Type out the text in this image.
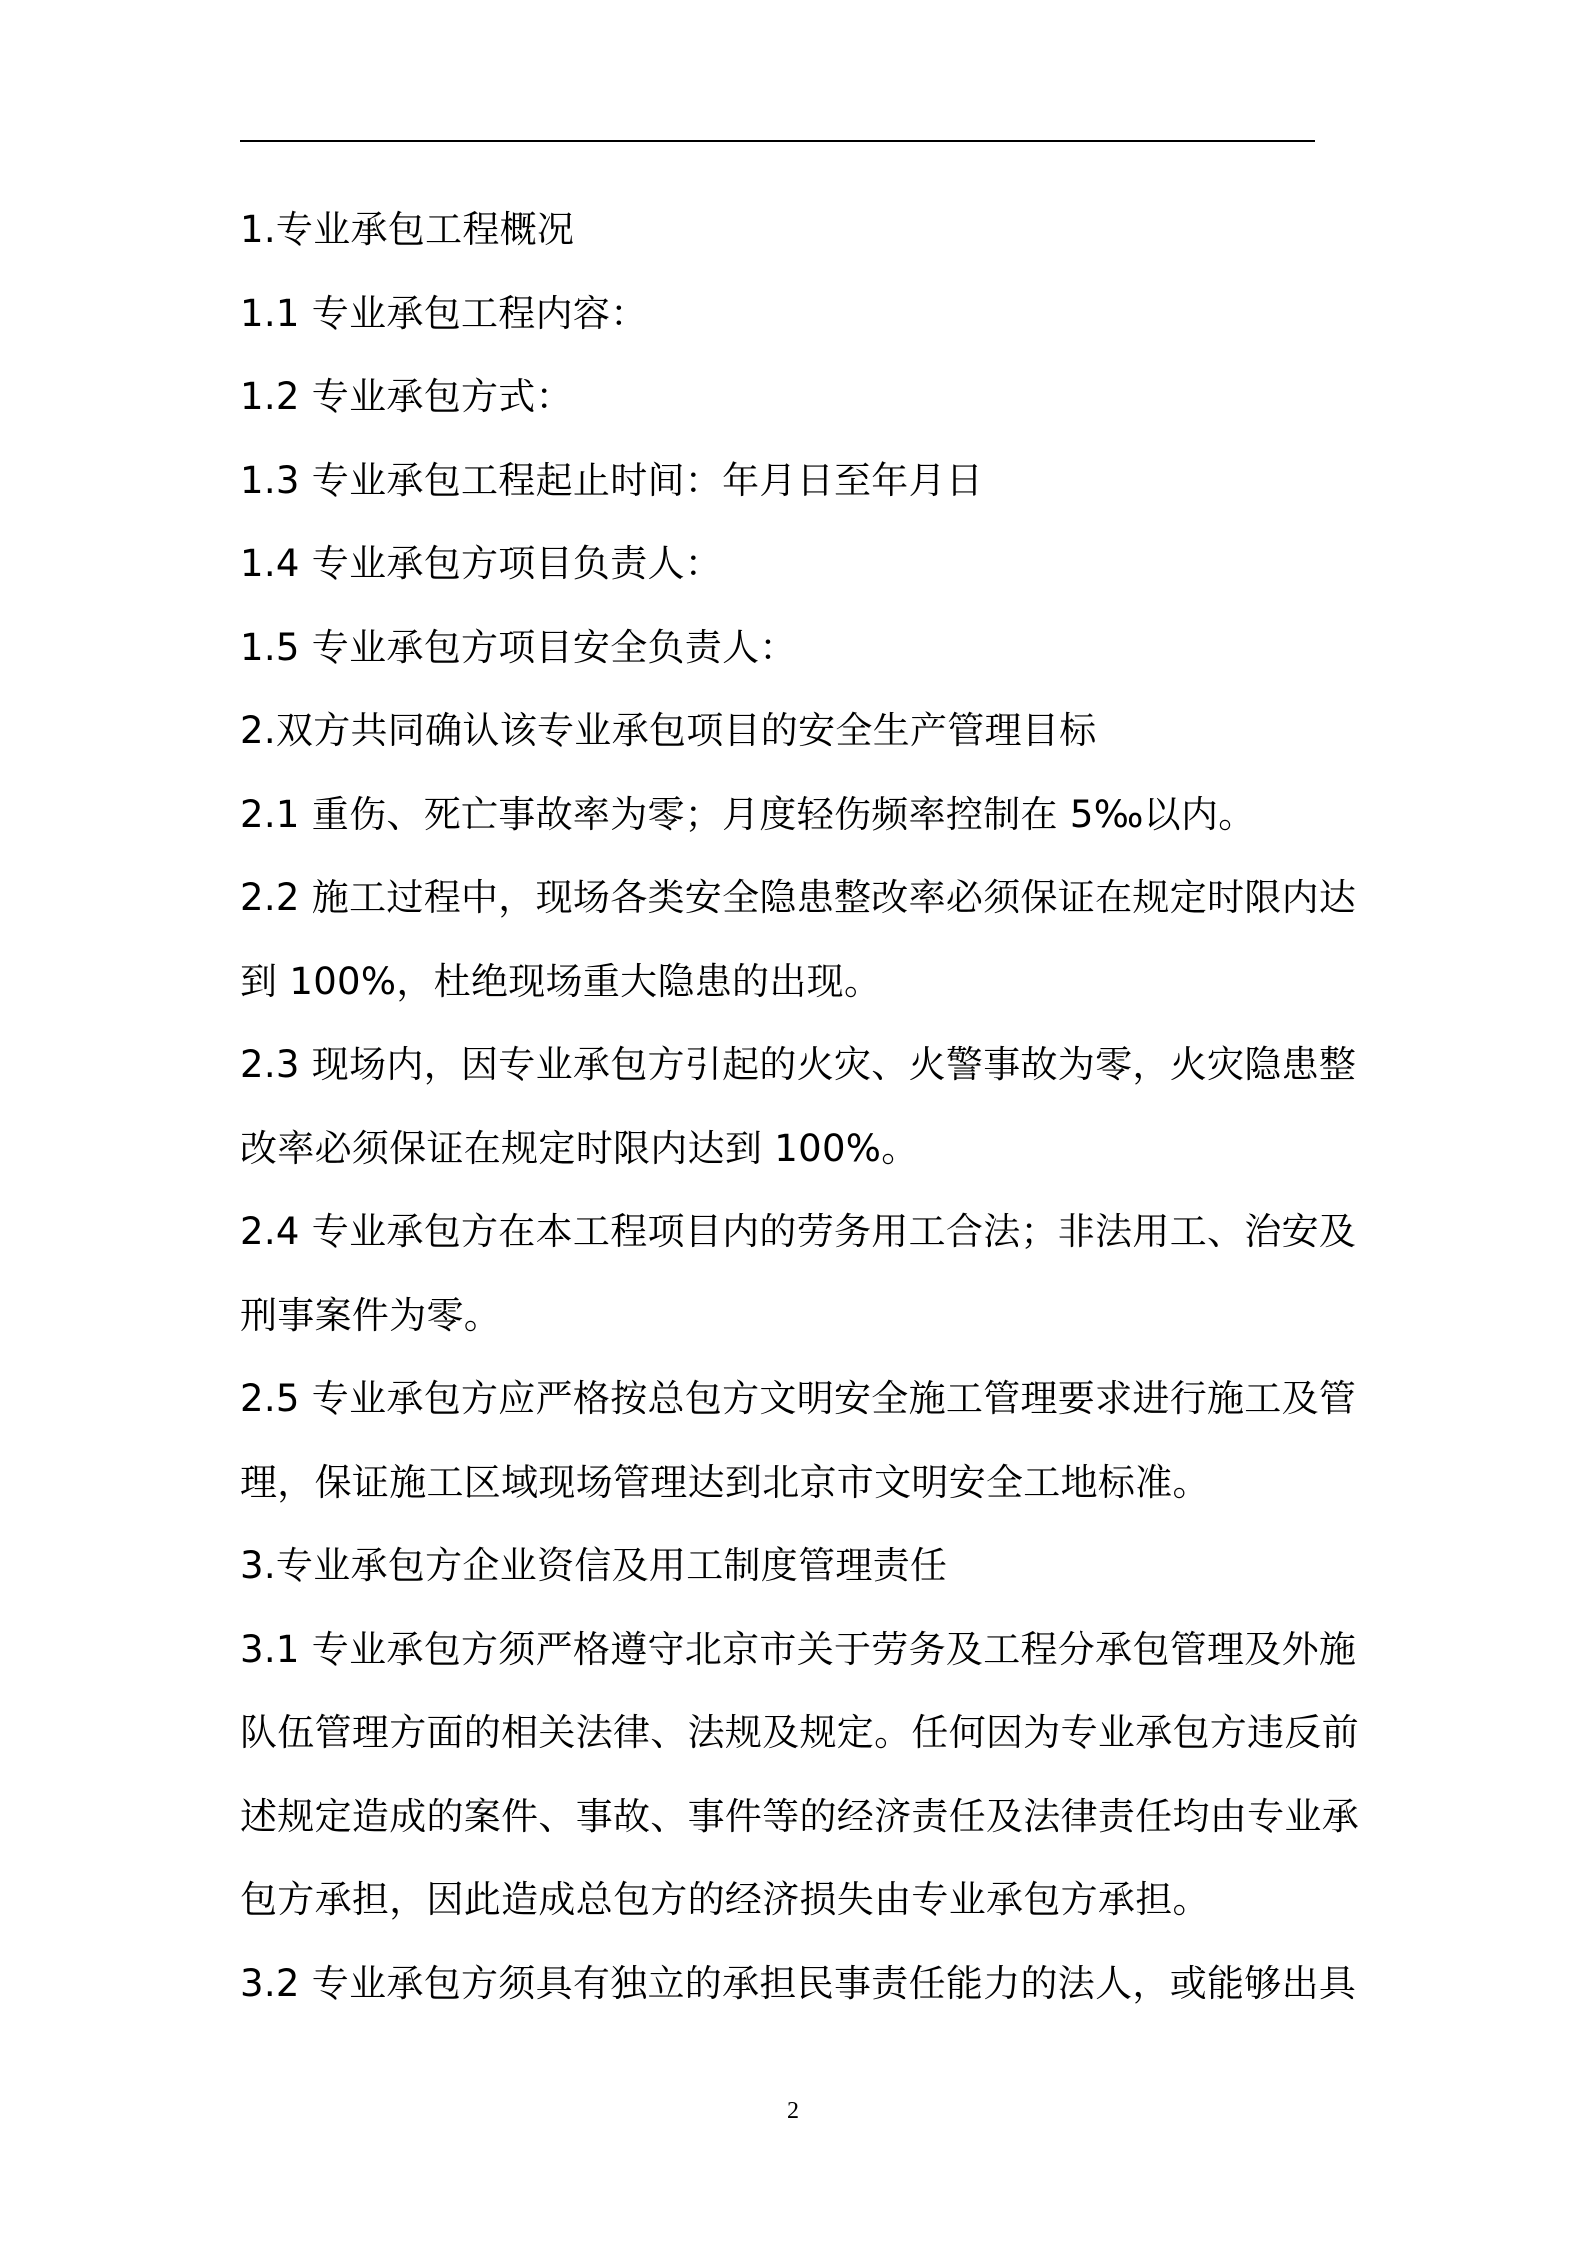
1.专业承包工程概况

1.1 专业承包工程内容：

1.2 专业承包方式：

1.3 专业承包工程起止时间：年月日至年月日

1.4 专业承包方项目负责人：

1.5 专业承包方项目安全负责人：

2.双方共同确认该专业承包项目的安全生产管理目标

2.1 重伤、死亡事故率为零；月度轻伤频率控制在 5‰以内。

2.2 施工过程中，现场各类安全隐患整改率必须保证在规定时限内达

到 100%，杜绝现场重大隐患的出现。

2.3 现场内，因专业承包方引起的火灾、火警事故为零，火灾隐患整

改率必须保证在规定时限内达到 100%。

2.4 专业承包方在本工程项目内的劳务用工合法；非法用工、治安及

刑事案件为零。

2.5 专业承包方应严格按总包方文明安全施工管理要求进行施工及管

理，保证施工区域现场管理达到北京市文明安全工地标准。

3.专业承包方企业资信及用工制度管理责任

3.1 专业承包方须严格遵守北京市关于劳务及工程分承包管理及外施

队伍管理方面的相关法律、法规及规定。任何因为专业承包方违反前

述规定造成的案件、事故、事件等的经济责任及法律责任均由专业承

包方承担，因此造成总包方的经济损失由专业承包方承担。

3.2 专业承包方须具有独立的承担民事责任能力的法人，或能够出具

2
